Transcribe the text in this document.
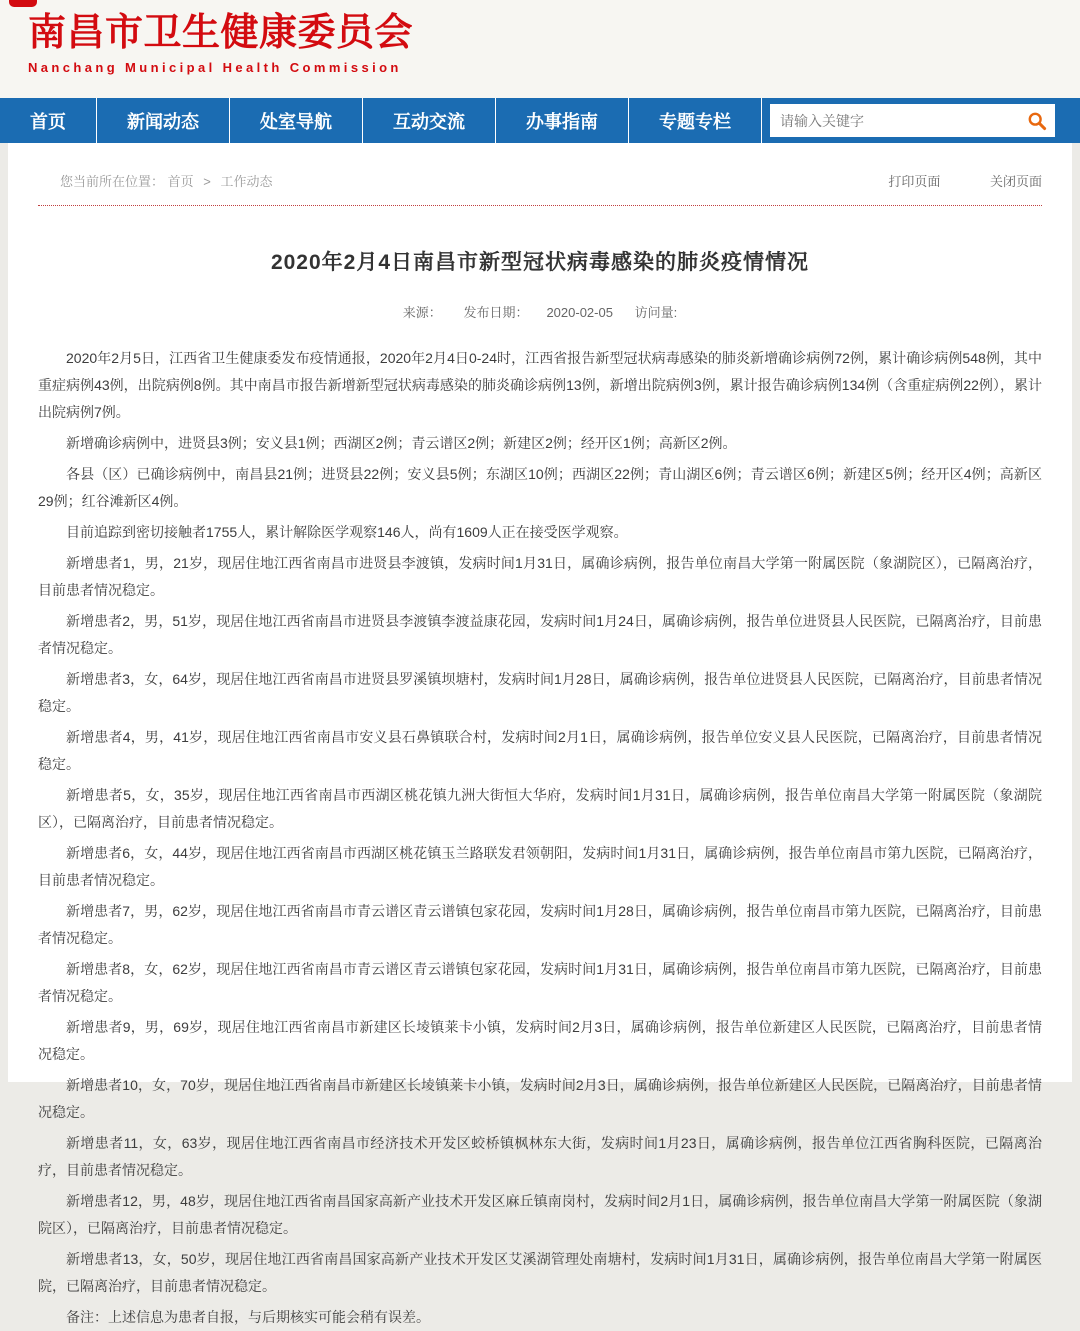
南昌市卫生健康委员会
Nanchang Municipal Health Commission
首页	新闻动态	处室导航	互动交流	办事指南	专题专栏
请输入关键字
您当前所在位置： 首页 > 工作动态	打印页面	关闭页面
2020年2月4日南昌市新型冠状病毒感染的肺炎疫情情况
来源： 发布日期： 2020-02-05 访问量:

2020年2月5日，江西省卫生健康委发布疫情通报，2020年2月4日0-24时，江西省报告新型冠状病毒感染的肺炎新增确诊病例72例，累计确诊病例548例，其中重症病例43例，出院病例8例。其中南昌市报告新增新型冠状病毒感染的肺炎确诊病例13例，新增出院病例3例，累计报告确诊病例134例（含重症病例22例），累计出院病例7例。

新增确诊病例中，进贤县3例；安义县1例；西湖区2例；青云谱区2例；新建区2例；经开区1例；高新区2例。

各县（区）已确诊病例中，南昌县21例；进贤县22例；安义县5例；东湖区10例；西湖区22例；青山湖区6例；青云谱区6例；新建区5例；经开区4例；高新区29例；红谷滩新区4例。

目前追踪到密切接触者1755人，累计解除医学观察146人，尚有1609人正在接受医学观察。

新增患者1，男，21岁，现居住地江西省南昌市进贤县李渡镇，发病时间1月31日，属确诊病例，报告单位南昌大学第一附属医院（象湖院区），已隔离治疗，目前患者情况稳定。

新增患者2，男，51岁，现居住地江西省南昌市进贤县李渡镇李渡益康花园，发病时间1月24日，属确诊病例，报告单位进贤县人民医院，已隔离治疗，目前患者情况稳定。

新增患者3，女，64岁，现居住地江西省南昌市进贤县罗溪镇坝塘村，发病时间1月28日，属确诊病例，报告单位进贤县人民医院，已隔离治疗，目前患者情况稳定。

新增患者4，男，41岁，现居住地江西省南昌市安义县石鼻镇联合村，发病时间2月1日，属确诊病例，报告单位安义县人民医院，已隔离治疗，目前患者情况稳定。

新增患者5，女，35岁，现居住地江西省南昌市西湖区桃花镇九洲大街恒大华府，发病时间1月31日，属确诊病例，报告单位南昌大学第一附属医院（象湖院区），已隔离治疗，目前患者情况稳定。

新增患者6，女，44岁，现居住地江西省南昌市西湖区桃花镇玉兰路联发君领朝阳，发病时间1月31日，属确诊病例，报告单位南昌市第九医院，已隔离治疗，目前患者情况稳定。

新增患者7，男，62岁，现居住地江西省南昌市青云谱区青云谱镇包家花园，发病时间1月28日，属确诊病例，报告单位南昌市第九医院，已隔离治疗，目前患者情况稳定。

新增患者8，女，62岁，现居住地江西省南昌市青云谱区青云谱镇包家花园，发病时间1月31日，属确诊病例，报告单位南昌市第九医院，已隔离治疗，目前患者情况稳定。

新增患者9，男，69岁，现居住地江西省南昌市新建区长堎镇莱卡小镇，发病时间2月3日，属确诊病例，报告单位新建区人民医院，已隔离治疗，目前患者情况稳定。

新增患者10，女，70岁，现居住地江西省南昌市新建区长堎镇莱卡小镇，发病时间2月3日，属确诊病例，报告单位新建区人民医院，已隔离治疗，目前患者情况稳定。

新增患者11，女，63岁，现居住地江西省南昌市经济技术开发区蛟桥镇枫林东大街，发病时间1月23日，属确诊病例，报告单位江西省胸科医院，已隔离治疗，目前患者情况稳定。

新增患者12，男，48岁，现居住地江西省南昌国家高新产业技术开发区麻丘镇南岗村，发病时间2月1日，属确诊病例，报告单位南昌大学第一附属医院（象湖院区），已隔离治疗，目前患者情况稳定。

新增患者13，女，50岁，现居住地江西省南昌国家高新产业技术开发区艾溪湖管理处南塘村，发病时间1月31日，属确诊病例，报告单位南昌大学第一附属医院，已隔离治疗，目前患者情况稳定。

备注：上述信息为患者自报，与后期核实可能会稍有误差。
